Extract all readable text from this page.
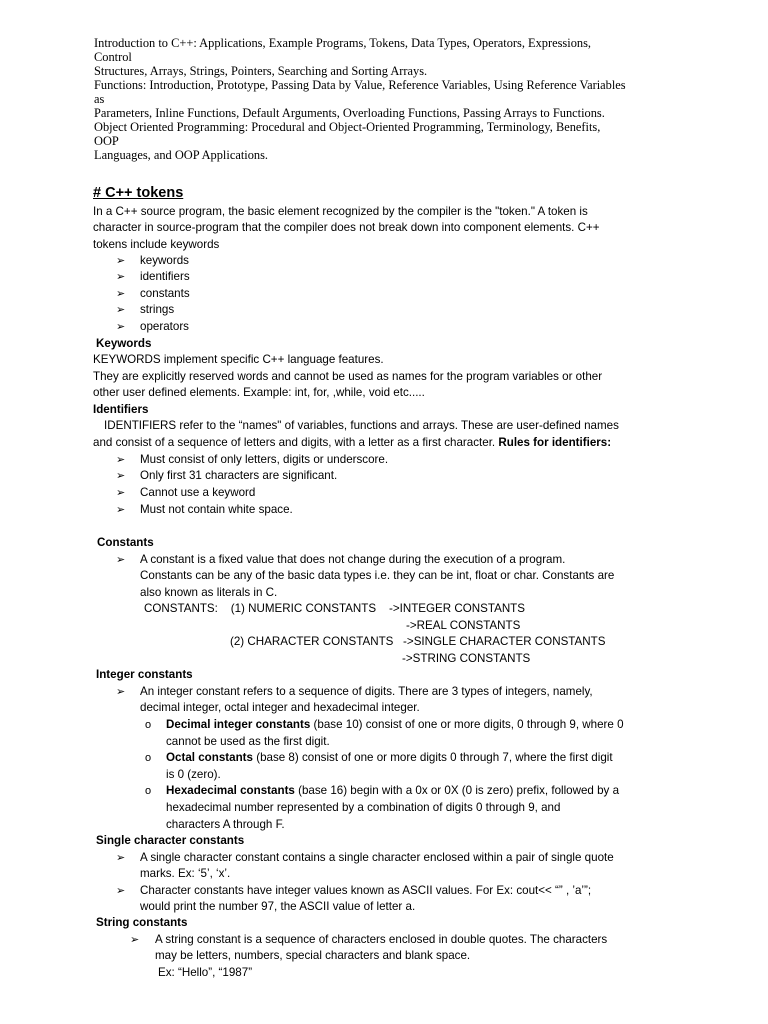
Introduction to C++: Applications, Example Programs, Tokens, Data Types, Operators, Expressions,
Control
Structures, Arrays, Strings, Pointers, Searching and Sorting Arrays.
Functions: Introduction, Prototype, Passing Data by Value, Reference Variables, Using Reference Variables
as
Parameters, Inline Functions, Default Arguments, Overloading Functions, Passing Arrays to Functions.
Object Oriented Programming: Procedural and Object-Oriented Programming, Terminology, Benefits,
OOP
Languages, and OOP Applications.
# C++ tokens
In a C++ source program, the basic element recognized by the compiler is the "token." A token is
character in source-program that the compiler does not break down into component elements. C++
tokens include keywords
➢ keywords
➢ identifiers
➢ constants
➢ strings
➢ operators
Keywords
KEYWORDS implement specific C++ language features.
They are explicitly reserved words and cannot be used as names for the program variables or other
other user defined elements. Example: int, for, ,while, void etc.....
Identifiers
IDENTIFIERS refer to the “names" of variables, functions and arrays. These are user-defined names
and consist of a sequence of letters and digits, with a letter as a first character. Rules for identifiers:
➢ Must consist of only letters, digits or underscore.
➢ Only first 31 characters are significant.
➢ Cannot use a keyword
➢ Must not contain white space.
Constants
➢ A constant is a fixed value that does not change during the execution of a program.
Constants can be any of the basic data types i.e. they can be int, float or char. Constants are
also known as literals in C.
CONSTANTS:    (1) NUMERIC CONSTANTS    ->INTEGER CONSTANTS
->REAL CONSTANTS
(2) CHARACTER CONSTANTS   ->SINGLE CHARACTER CONSTANTS
->STRING CONSTANTS
Integer constants
➢ An integer constant refers to a sequence of digits. There are 3 types of integers, namely,
decimal integer, octal integer and hexadecimal integer.
o Decimal integer constants (base 10) consist of one or more digits, 0 through 9, where 0
cannot be used as the first digit.
o Octal constants (base 8) consist of one or more digits 0 through 7, where the first digit
is 0 (zero).
o Hexadecimal constants (base 16) begin with a 0x or 0X (0 is zero) prefix, followed by a
hexadecimal number represented by a combination of digits 0 through 9, and
characters A through F.
Single character constants
➢ A single character constant contains a single character enclosed within a pair of single quote
marks. Ex: ‘5’, ‘x’.
➢ Character constants have integer values known as ASCII values. For Ex: cout<< “” , ’a’”;
would print the number 97, the ASCII value of letter a.
String constants
➢ A string constant is a sequence of characters enclosed in double quotes. The characters
may be letters, numbers, special characters and blank space.
Ex: “Hello”, “1987”
